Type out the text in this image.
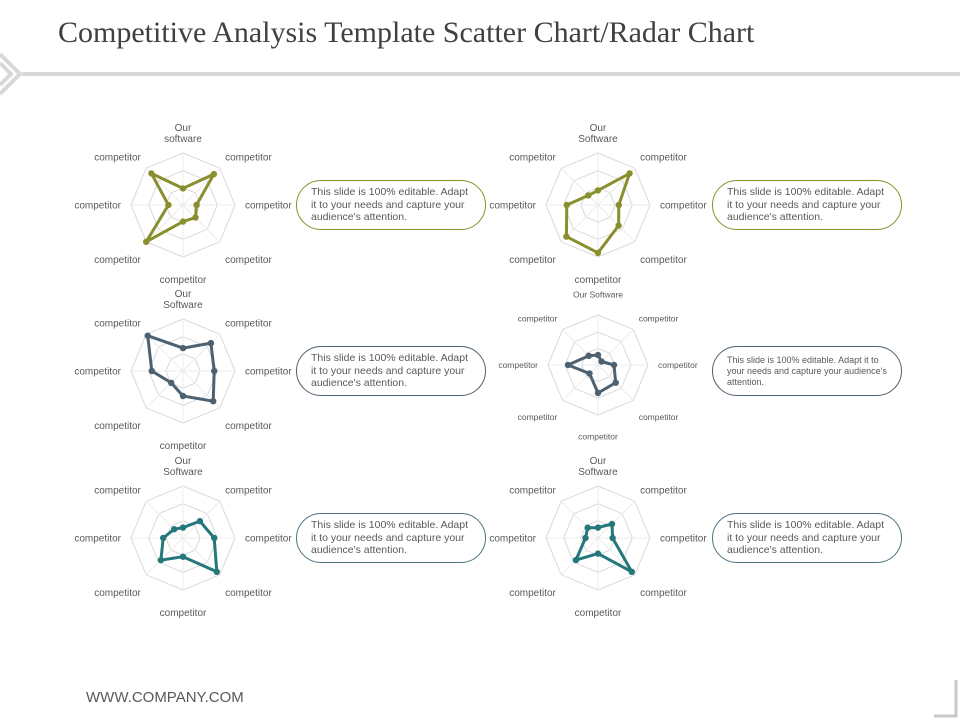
Competitive Analysis Template Scatter Chart/Radar Chart
Our software
competitor
competitor
competitor
competitor
competitor
competitor
competitor
This slide is 100% editable. Adapt it to your needs and capture your audience's attention.
Our Software
competitor
competitor
competitor
competitor
competitor
competitor
competitor
This slide is 100% editable. Adapt it to your needs and capture your audience's attention.
Our Software
competitor
competitor
competitor
competitor
competitor
competitor
competitor
This slide is 100% editable. Adapt it to your needs and capture your audience's attention.
Our Software
competitor
competitor
competitor
competitor
competitor
competitor
competitor
This slide is 100% editable. Adapt it to your needs and capture your audience's attention.
Our Software
competitor
competitor
competitor
competitor
competitor
competitor
competitor
This slide is 100% editable. Adapt it to your needs and capture your audience's attention.
Our Software
competitor
competitor
competitor
competitor
competitor
competitor
competitor
This slide is 100% editable. Adapt it to your needs and capture your audience's attention.
WWW.COMPANY.COM
